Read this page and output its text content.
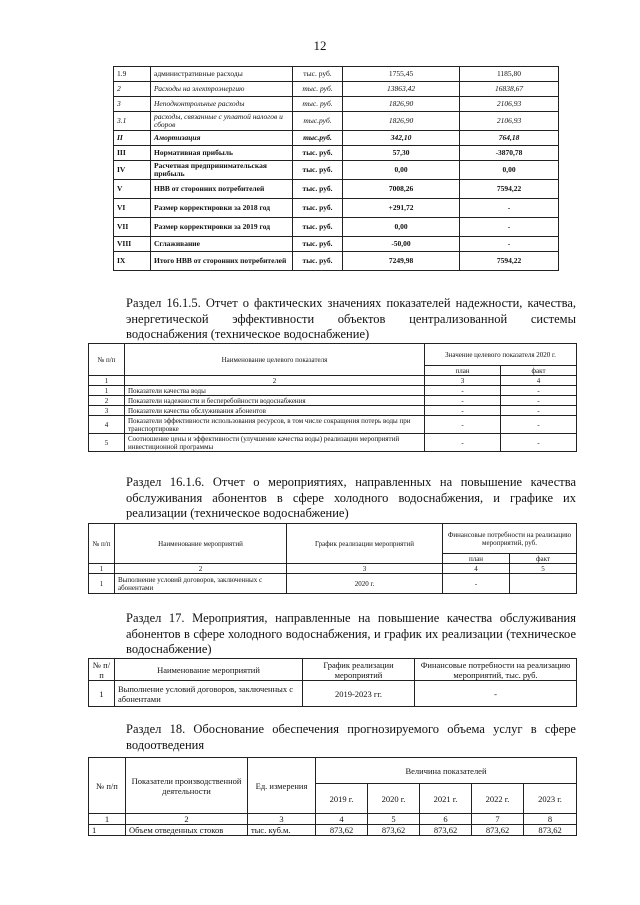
12
1.9	административные расходы	тыс. руб.	1755,45	1185,80
2	Расходы на электроэнергию	тыс. руб.	13863,42	16838,67
3	Неподконтрольные расходы	тыс. руб.	1826,90	2106,93
3.1	расходы, связанные с уплатой налогов и сборов	тыс.руб.	1826,90	2106,93
II	Амортизация	тыс.руб.	342,10	764,18
III	Нормативная прибыль	тыс. руб.	57,30	-3870,78
IV	Расчетная предпринимательская прибыль	тыс. руб.	0,00	0,00
V	НВВ от сторонних потребителей	тыс. руб.	7008,26	7594,22
VI	Размер корректировки за 2018 год	тыс. руб.	+291,72	-
VII	Размер корректировки за 2019 год	тыс. руб.	0,00	-
VIII	Сглаживание	тыс. руб.	-50,00	-
IX	Итого НВВ от сторонних потребителей	тыс. руб.	7249,98	7594,22
Раздел 16.1.5. Отчет о фактических значениях показателей надежности, качества, энергетической эффективности объектов централизованной системы водоснабжения (техническое водоснабжение)
№ п/п	Наименование целевого показателя	Значение целевого показателя 2020 г.	
		план	факт
1	2	3	4
1	Показатели качества воды	-	-
2	Показатели надежности и бесперебойности водоснабжения	-	-
3	Показатели качества обслуживания абонентов	-	-
4	Показатели эффективности использования ресурсов, в том числе сокращения потерь воды при транспортировке	-	-
5	Соотношение цены и эффективности (улучшение качества воды) реализации мероприятий инвестиционной программы	-	-
Раздел 16.1.6. Отчет о мероприятиях, направленных на повышение качества обслуживания абонентов в сфере холодного водоснабжения, и графике их реализации (техническое водоснабжение)
№ п/п	Наименование мероприятий	График реализации мероприятий	Финансовые потребности на реализацию мероприятий, руб.	
			план	факт
1	2	3	4	5
1	Выполнение условий договоров, заключенных с абонентами	2020 г.	-	
Раздел 17. Мероприятия, направленные на повышение качества обслуживания абонентов в сфере холодного водоснабжения, и график их реализации (техническое водоснабжение)
№ п/п	Наименование мероприятий	График реализации мероприятий	Финансовые потребности на реализацию мероприятий, тыс. руб.
1	Выполнение условий договоров, заключенных с абонентами	2019-2023 гг.	-
Раздел 18. Обоснование обеспечения прогнозируемого объема услуг в сфере водоотведения
№ п/п	Показатели производственной деятельности	Ед. измерения	Величина показателей				
			2019 г.	2020 г.	2021 г.	2022 г.	2023 г.
1	2	3	4	5	6	7	8
1	Объем отведенных стоков	тыс. куб.м.	873,62	873,62	873,62	873,62	873,62
